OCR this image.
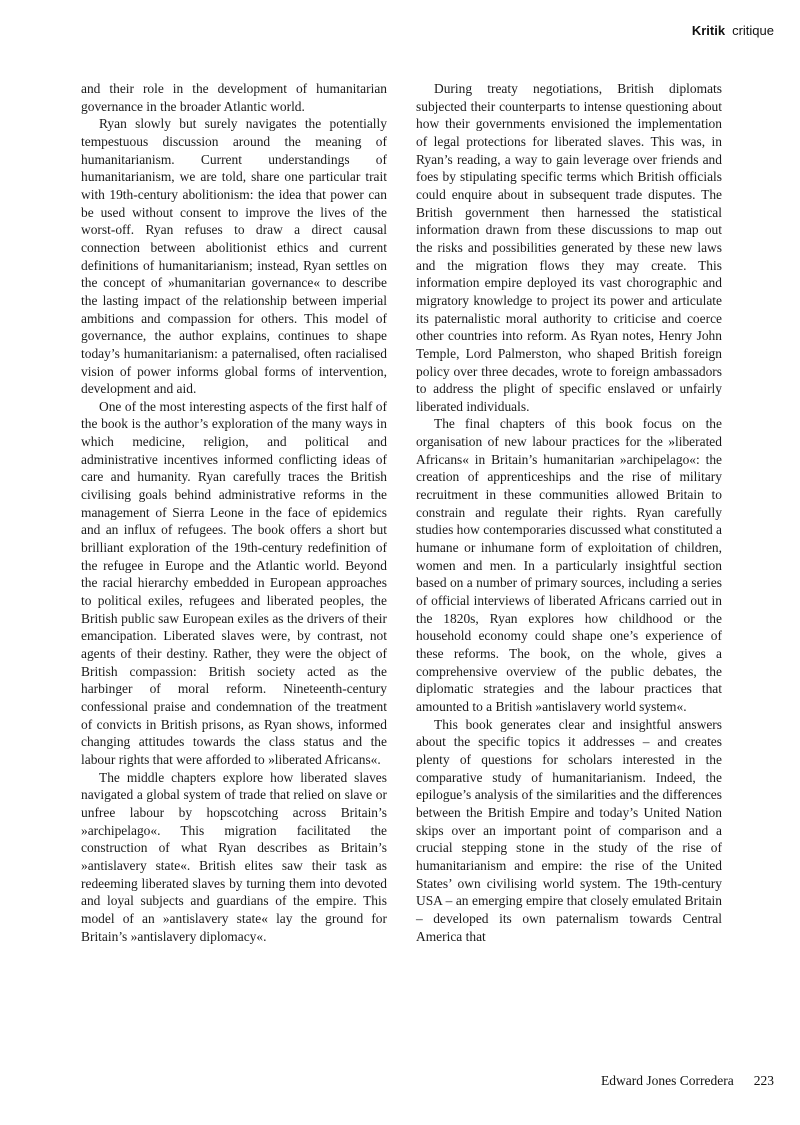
Kritik critique

and their role in the development of humanitarian governance in the broader Atlantic world.

Ryan slowly but surely navigates the potentially tempestuous discussion around the meaning of humanitarianism. Current understandings of humanitarianism, we are told, share one particular trait with 19th-century abolitionism: the idea that power can be used without consent to improve the lives of the worst-off. Ryan refuses to draw a direct causal connection between abolitionist ethics and current definitions of humanitarianism; instead, Ryan settles on the concept of »humanitarian governance« to describe the lasting impact of the relationship between imperial ambitions and compassion for others. This model of governance, the author explains, continues to shape today’s humanitarianism: a paternalised, often racialised vision of power informs global forms of intervention, development and aid.

One of the most interesting aspects of the first half of the book is the author’s exploration of the many ways in which medicine, religion, and political and administrative incentives informed conflicting ideas of care and humanity. Ryan carefully traces the British civilising goals behind administrative reforms in the management of Sierra Leone in the face of epidemics and an influx of refugees. The book offers a short but brilliant exploration of the 19th-century redefinition of the refugee in Europe and the Atlantic world. Beyond the racial hierarchy embedded in European approaches to political exiles, refugees and liberated peoples, the British public saw European exiles as the drivers of their emancipation. Liberated slaves were, by contrast, not agents of their destiny. Rather, they were the object of British compassion: British society acted as the harbinger of moral reform. Nineteenth-century confessional praise and condemnation of the treatment of convicts in British prisons, as Ryan shows, informed changing attitudes towards the class status and the labour rights that were afforded to »liberated Africans«.

The middle chapters explore how liberated slaves navigated a global system of trade that relied on slave or unfree labour by hopscotching across Britain’s »archipelago«. This migration facilitated the construction of what Ryan describes as Britain’s »antislavery state«. British elites saw their task as redeeming liberated slaves by turning them into devoted and loyal subjects and guardians of the empire. This model of an »antislavery state« lay the ground for Britain’s »antislavery diplomacy«.

During treaty negotiations, British diplomats subjected their counterparts to intense questioning about how their governments envisioned the implementation of legal protections for liberated slaves. This was, in Ryan’s reading, a way to gain leverage over friends and foes by stipulating specific terms which British officials could enquire about in subsequent trade disputes. The British government then harnessed the statistical information drawn from these discussions to map out the risks and possibilities generated by these new laws and the migration flows they may create. This information empire deployed its vast chorographic and migratory knowledge to project its power and articulate its paternalistic moral authority to criticise and coerce other countries into reform. As Ryan notes, Henry John Temple, Lord Palmerston, who shaped British foreign policy over three decades, wrote to foreign ambassadors to address the plight of specific enslaved or unfairly liberated individuals.

The final chapters of this book focus on the organisation of new labour practices for the »liberated Africans« in Britain’s humanitarian »archipelago«: the creation of apprenticeships and the rise of military recruitment in these communities allowed Britain to constrain and regulate their rights. Ryan carefully studies how contemporaries discussed what constituted a humane or inhumane form of exploitation of children, women and men. In a particularly insightful section based on a number of primary sources, including a series of official interviews of liberated Africans carried out in the 1820s, Ryan explores how childhood or the household economy could shape one’s experience of these reforms. The book, on the whole, gives a comprehensive overview of the public debates, the diplomatic strategies and the labour practices that amounted to a British »antislavery world system«.

This book generates clear and insightful answers about the specific topics it addresses – and creates plenty of questions for scholars interested in the comparative study of humanitarianism. Indeed, the epilogue’s analysis of the similarities and the differences between the British Empire and today’s United Nation skips over an important point of comparison and a crucial stepping stone in the study of the rise of humanitarianism and empire: the rise of the United States’ own civilising world system. The 19th-century USA – an emerging empire that closely emulated Britain – developed its own paternalism towards Central America that

Edward Jones Corredera 223
